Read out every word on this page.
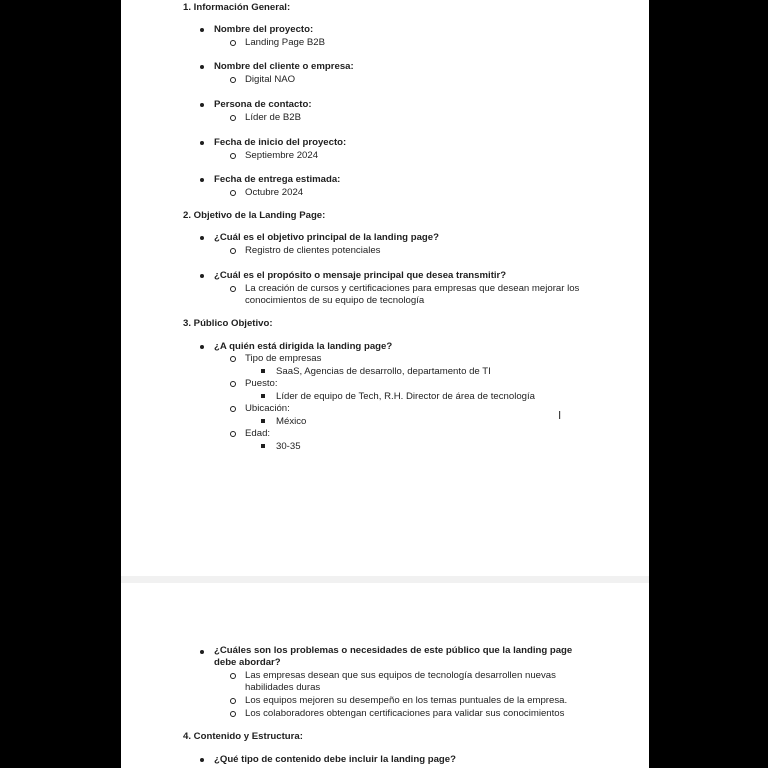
1. Información General:
Nombre del proyecto:
Landing Page B2B
Nombre del cliente o empresa:
Digital NAO
Persona de contacto:
Líder de B2B
Fecha de inicio del proyecto:
Septiembre 2024
Fecha de entrega estimada:
Octubre 2024
2. Objetivo de la Landing Page:
¿Cuál es el objetivo principal de la landing page?
Registro de clientes potenciales
¿Cuál es el propósito o mensaje principal que desea transmitir?
La creación de cursos y certificaciones para empresas que desean mejorar los
conocimientos de su equipo de tecnología
3. Público Objetivo:
¿A quién está dirigida la landing page?
Tipo de empresas
SaaS, Agencias de desarrollo, departamento de TI
Puesto:
Líder de equipo de Tech, R.H. Director de área de tecnología
Ubicación:
México
Edad:
30-35
I
¿Cuáles son los problemas o necesidades de este público que la landing page
debe abordar?
Las empresas desean que sus equipos de tecnología desarrollen nuevas
habilidades duras
Los equipos mejoren su desempeño en los temas puntuales de la empresa.
Los colaboradores obtengan certificaciones para validar sus conocimientos
4. Contenido y Estructura:
¿Qué tipo de contenido debe incluir la landing page?
